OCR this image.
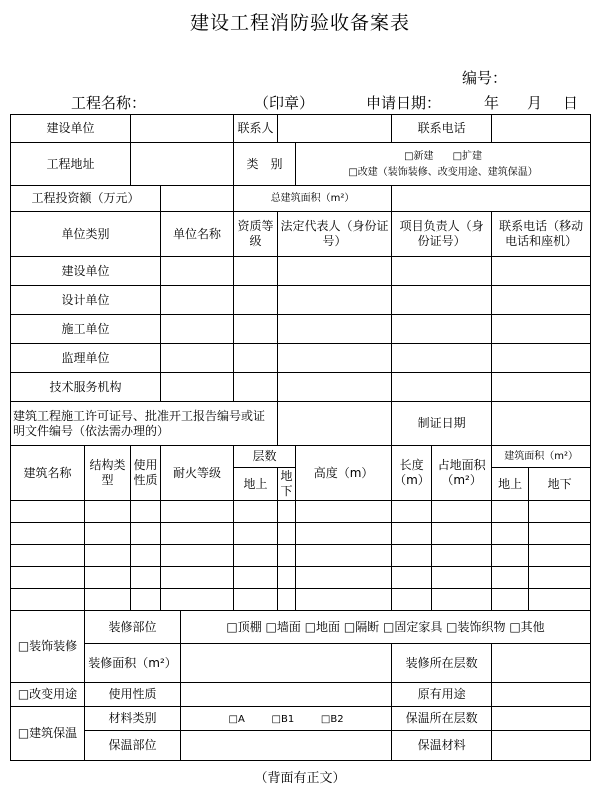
建设工程消防验收备案表
编号：
工程名称：	（印章）	申请日期：	年 月 日
建设单位					联系人			联系电话			
工程地址					类　别		□新建 □扩建
□改建（装饰装修、改变用途、建筑保温）				
工程投资额（万元）					总建筑面积（m²）						
单位类别			单位名称		资质等级	法定代表人（身份证号）		项目负责人（身份证号）		联系电话（移动电话和座机）	
建设单位											
设计单位											
施工单位											
监理单位											
技术服务机构											
建筑工程施工许可证号、批准开工报告编号或证明文件编号（依法需办理的）								制证日期			
建筑名称	结构类型	使用性质	耐火等级		层数		高度（m）	长度（m）	占地面积（m²）	建筑面积（m²）	
					地上	地下				地上	地下

□装饰装修	装修部位			□顶棚 □墙面 □地面 □隔断 □固定家具 □装饰织物 □其他							
	装修面积（m²）							装修所在层数			
□改变用途	使用性质							原有用途			
□建筑保温	材料类别			□A □B1 □B2				保温所在层数			
	保温部位							保温材料			
（背面有正文）
